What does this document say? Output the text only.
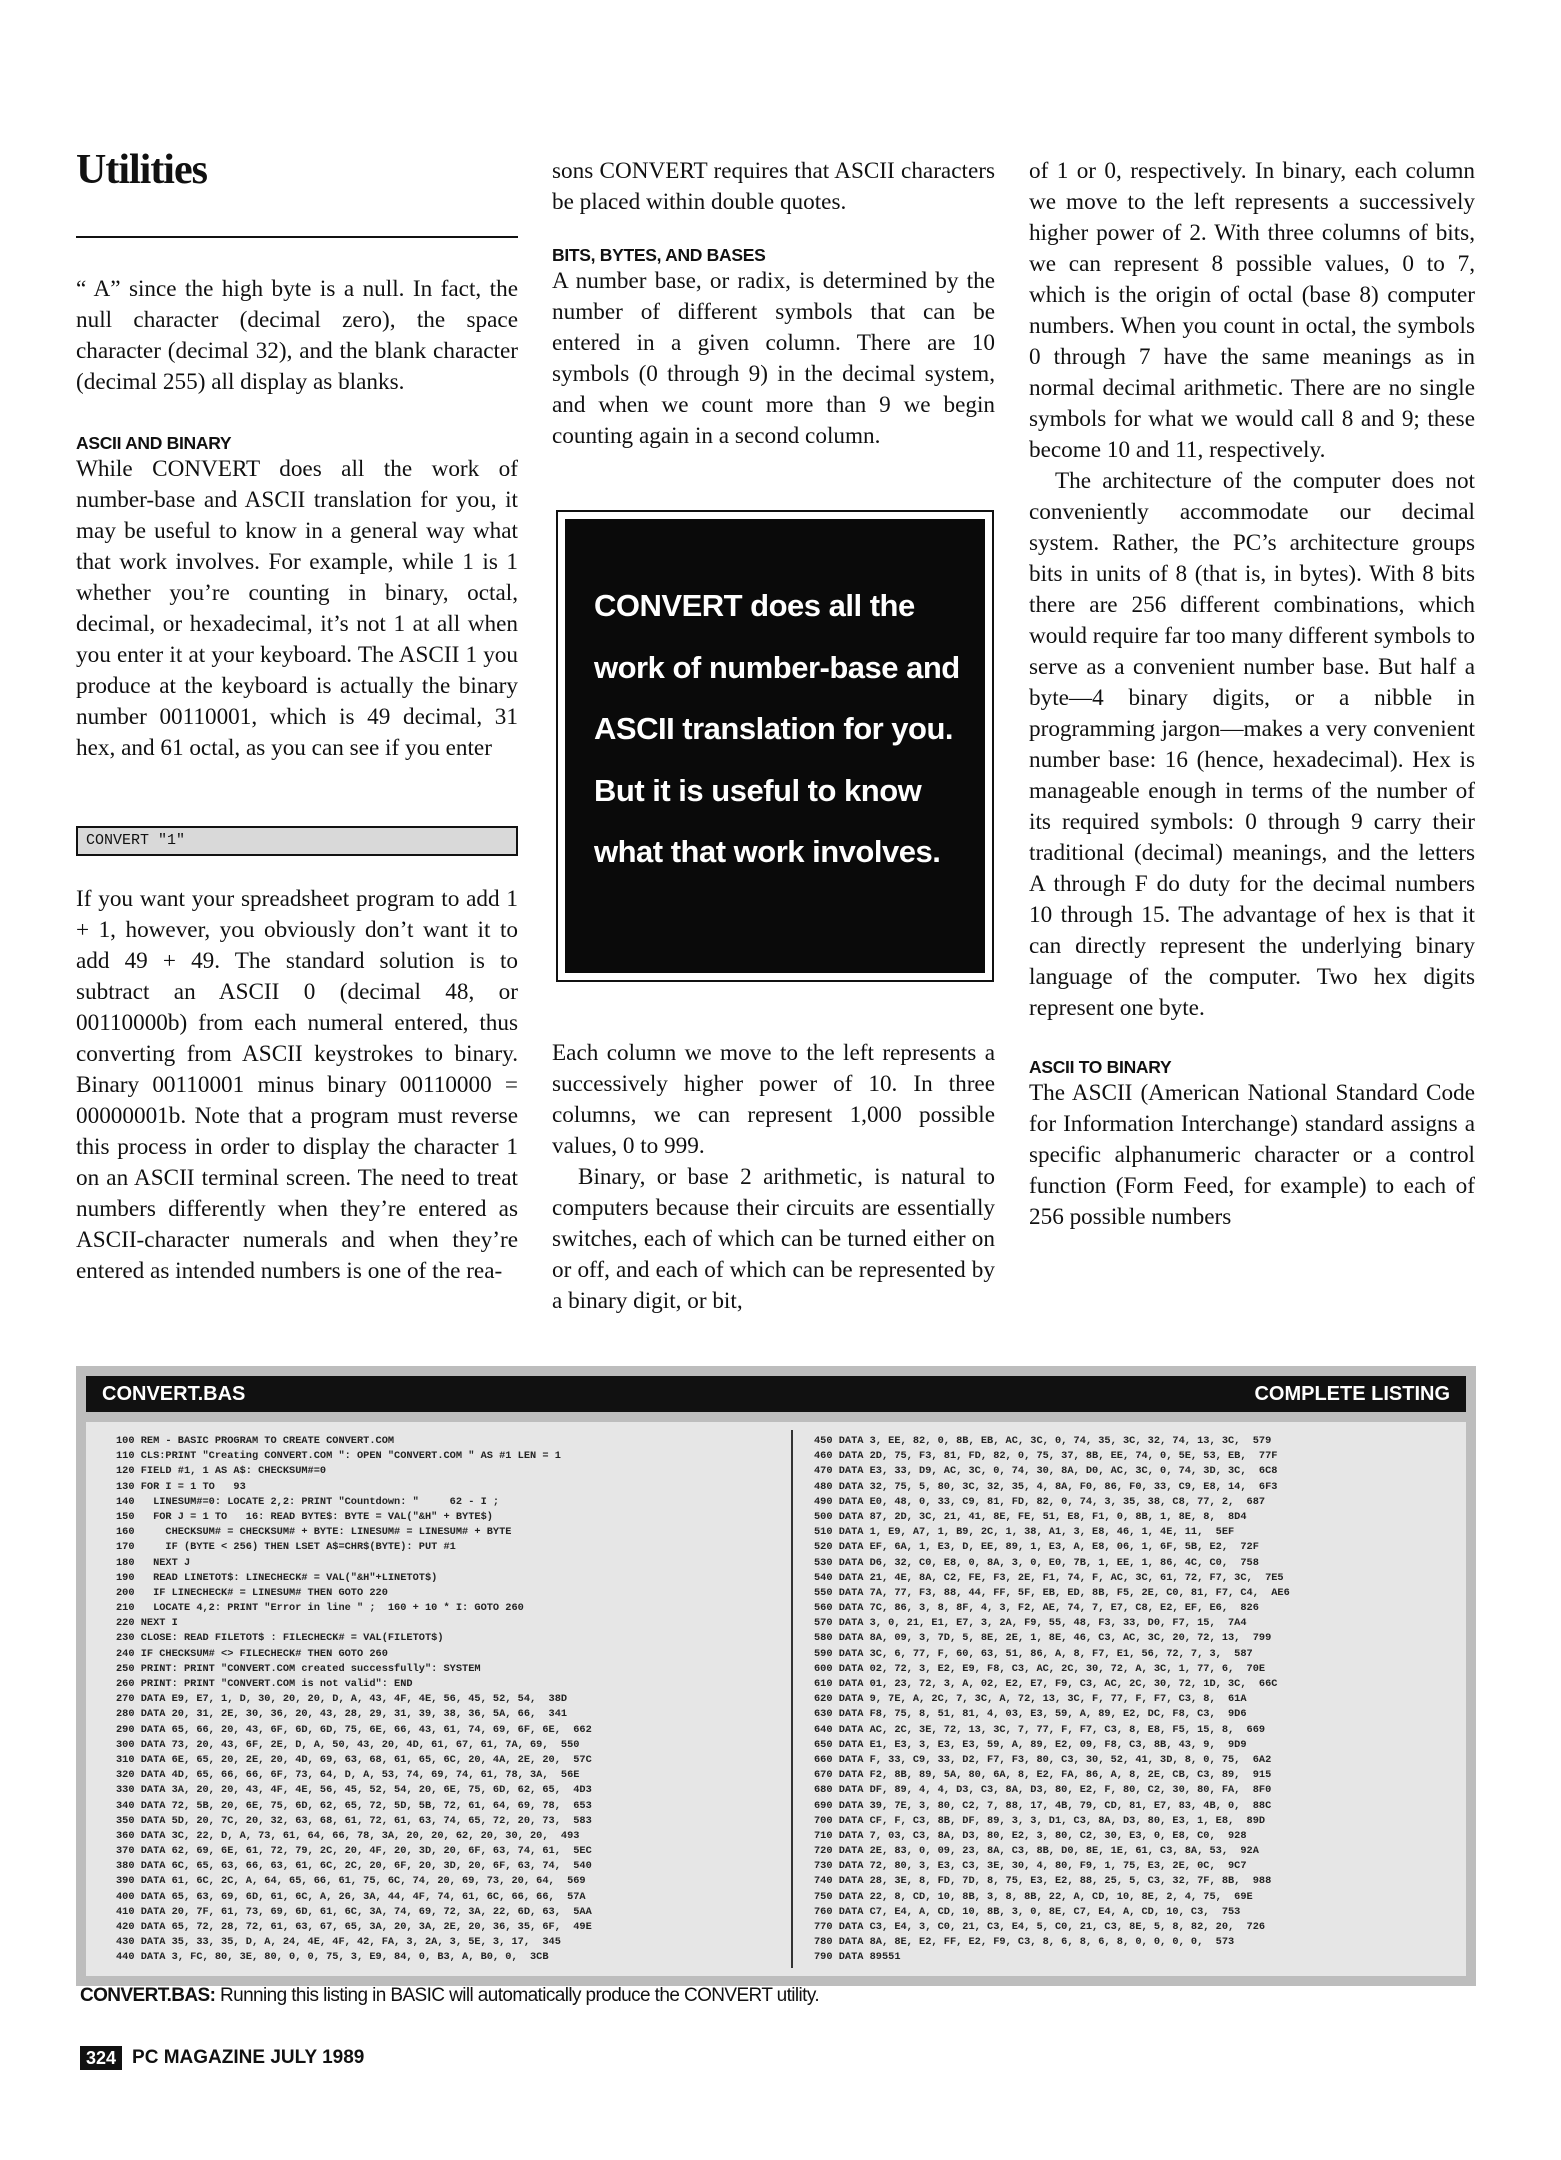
Utilities

“ A” since the high byte is a null. In fact, the null character (decimal zero), the space character (decimal 32), and the blank character (decimal 255) all display as blanks.

ASCII AND BINARY

While CONVERT does all the work of number-base and ASCII translation for you, it may be useful to know in a general way what that work involves. For example, while 1 is 1 whether you’re counting in binary, octal, decimal, or hexadecimal, it’s not 1 at all when you enter it at your keyboard. The ASCII 1 you produce at the keyboard is actually the binary number 00110001, which is 49 decimal, 31 hex, and 61 octal, as you can see if you enter

CONVERT "1"

If you want your spreadsheet program to add 1 + 1, however, you obviously don’t want it to add 49 + 49. The standard solution is to subtract an ASCII 0 (decimal 48, or 00110000b) from each numeral entered, thus converting from ASCII keystrokes to binary. Binary 00110001 minus binary 00110000 = 00000001b. Note that a program must reverse this process in order to display the character 1 on an ASCII terminal screen. The need to treat numbers differently when they’re entered as ASCII-character numerals and when they’re entered as intended numbers is one of the rea-

sons CONVERT requires that ASCII characters be placed within double quotes.

BITS, BYTES, AND BASES

A number base, or radix, is determined by the number of different symbols that can be entered in a given column. There are 10 symbols (0 through 9) in the decimal system, and when we count more than 9 we begin counting again in a second column.

CONVERT does all the work of number-base and ASCII translation for you. But it is useful to know what that work involves.

Each column we move to the left represents a successively higher power of 10. In three columns, we can represent 1,000 possible values, 0 to 999.

Binary, or base 2 arithmetic, is natural to computers because their circuits are essentially switches, each of which can be turned either on or off, and each of which can be represented by a binary digit, or bit,

of 1 or 0, respectively. In binary, each column we move to the left represents a successively higher power of 2. With three columns of bits, we can represent 8 possible values, 0 to 7, which is the origin of octal (base 8) computer numbers. When you count in octal, the symbols 0 through 7 have the same meanings as in normal decimal arithmetic. There are no single symbols for what we would call 8 and 9; these become 10 and 11, respectively.

The architecture of the computer does not conveniently accommodate our decimal system. Rather, the PC’s architecture groups bits in units of 8 (that is, in bytes). With 8 bits there are 256 different combinations, which would require far too many different symbols to serve as a convenient number base. But half a byte—4 binary digits, or a nibble in programming jargon—makes a very convenient number base: 16 (hence, hexadecimal). Hex is manageable enough in terms of the number of its required symbols: 0 through 9 carry their traditional (decimal) meanings, and the letters A through F do duty for the decimal numbers 10 through 15. The advantage of hex is that it can directly represent the underlying binary language of the computer. Two hex digits represent one byte.

ASCII TO BINARY

The ASCII (American National Standard Code for Information Interchange) standard assigns a specific alphanumeric character or a control function (Form Feed, for example) to each of 256 possible numbers

CONVERT.BAS	COMPLETE LISTING
100 REM - BASIC PROGRAM TO CREATE CONVERT.COM
110 CLS:PRINT "Creating CONVERT.COM ": OPEN "CONVERT.COM " AS #1 LEN = 1
120 FIELD #1, 1 AS A$: CHECKSUM#=0
130 FOR I = 1 TO   93
140   LINESUM#=0: LOCATE 2,2: PRINT "Countdown: "     62 - I ;
150   FOR J = 1 TO   16: READ BYTE$: BYTE = VAL("&H" + BYTE$)
160     CHECKSUM# = CHECKSUM# + BYTE: LINESUM# = LINESUM# + BYTE
170     IF (BYTE < 256) THEN LSET A$=CHR$(BYTE): PUT #1
180   NEXT J
190   READ LINETOT$: LINECHECK# = VAL("&H"+LINETOT$)
200   IF LINECHECK# = LINESUM# THEN GOTO 220
210   LOCATE 4,2: PRINT "Error in line " ;  160 + 10 * I: GOTO 260
220 NEXT I
230 CLOSE: READ FILETOT$ : FILECHECK# = VAL(FILETOT$)
240 IF CHECKSUM# <> FILECHECK# THEN GOTO 260
250 PRINT: PRINT "CONVERT.COM created successfully": SYSTEM
260 PRINT: PRINT "CONVERT.COM is not valid": END
270 DATA E9, E7, 1, D, 30, 20, 20, D, A, 43, 4F, 4E, 56, 45, 52, 54,  38D
280 DATA 20, 31, 2E, 30, 36, 20, 43, 28, 29, 31, 39, 38, 36, 5A, 66,  341
290 DATA 65, 66, 20, 43, 6F, 6D, 6D, 75, 6E, 66, 43, 61, 74, 69, 6F, 6E,  662
300 DATA 73, 20, 43, 6F, 2E, D, A, 50, 43, 20, 4D, 61, 67, 61, 7A, 69,  550
310 DATA 6E, 65, 20, 2E, 20, 4D, 69, 63, 68, 61, 65, 6C, 20, 4A, 2E, 20,  57C
320 DATA 4D, 65, 66, 66, 6F, 73, 64, D, A, 53, 74, 69, 74, 61, 78, 3A,  56E
330 DATA 3A, 20, 20, 43, 4F, 4E, 56, 45, 52, 54, 20, 6E, 75, 6D, 62, 65,  4D3
340 DATA 72, 5B, 20, 6E, 75, 6D, 62, 65, 72, 5D, 5B, 72, 61, 64, 69, 78,  653
350 DATA 5D, 20, 7C, 20, 32, 63, 68, 61, 72, 61, 63, 74, 65, 72, 20, 73,  583
360 DATA 3C, 22, D, A, 73, 61, 64, 66, 78, 3A, 20, 20, 62, 20, 30, 20,  493
370 DATA 62, 69, 6E, 61, 72, 79, 2C, 20, 4F, 20, 3D, 20, 6F, 63, 74, 61,  5EC
380 DATA 6C, 65, 63, 66, 63, 61, 6C, 2C, 20, 6F, 20, 3D, 20, 6F, 63, 74,  540
390 DATA 61, 6C, 2C, A, 64, 65, 66, 61, 75, 6C, 74, 20, 69, 73, 20, 64,  569
400 DATA 65, 63, 69, 6D, 61, 6C, A, 26, 3A, 44, 4F, 74, 61, 6C, 66, 66,  57A
410 DATA 20, 7F, 61, 73, 69, 6D, 61, 6C, 3A, 74, 69, 72, 3A, 22, 6D, 63,  5AA
420 DATA 65, 72, 28, 72, 61, 63, 67, 65, 3A, 20, 3A, 2E, 20, 36, 35, 6F,  49E
430 DATA 35, 33, 35, D, A, 24, 4E, 4F, 42, FA, 3, 2A, 3, 5E, 3, 17,  345
440 DATA 3, FC, 80, 3E, 80, 0, 0, 75, 3, E9, 84, 0, B3, A, B0, 0,  3CB
450 DATA 3, EE, 82, 0, 8B, EB, AC, 3C, 0, 74, 35, 3C, 32, 74, 13, 3C,  579
460 DATA 2D, 75, F3, 81, FD, 82, 0, 75, 37, 8B, EE, 74, 0, 5E, 53, EB,  77F
470 DATA E3, 33, D9, AC, 3C, 0, 74, 30, 8A, D0, AC, 3C, 0, 74, 3D, 3C,  6C8
480 DATA 32, 75, 5, 80, 3C, 32, 35, 4, 8A, F0, 86, F0, 33, C9, E8, 14,  6F3
490 DATA E0, 48, 0, 33, C9, 81, FD, 82, 0, 74, 3, 35, 38, C8, 77, 2,  687
500 DATA 87, 2D, 3C, 21, 41, 8E, FE, 51, E8, F1, 0, 8B, 1, 8E, 8,  8D4
510 DATA 1, E9, A7, 1, B9, 2C, 1, 38, A1, 3, E8, 46, 1, 4E, 11,  5EF
520 DATA EF, 6A, 1, E3, D, EE, 89, 1, E3, A, E8, 06, 1, 6F, 5B, E2,  72F
530 DATA D6, 32, C0, E8, 0, 8A, 3, 0, E0, 7B, 1, EE, 1, 86, 4C, C0,  758
540 DATA 21, 4E, 8A, C2, FE, F3, 2E, F1, 74, F, AC, 3C, 61, 72, F7, 3C,  7E5
550 DATA 7A, 77, F3, 88, 44, FF, 5F, EB, ED, 8B, F5, 2E, C0, 81, F7, C4,  AE6
560 DATA 7C, 86, 3, 8, 8F, 4, 3, F2, AE, 74, 7, E7, C8, E2, EF, E6,  826
570 DATA 3, 0, 21, E1, E7, 3, 2A, F9, 55, 48, F3, 33, D0, F7, 15,  7A4
580 DATA 8A, 09, 3, 7D, 5, 8E, 2E, 1, 8E, 46, C3, AC, 3C, 20, 72, 13,  799
590 DATA 3C, 6, 77, F, 60, 63, 51, 86, A, 8, F7, E1, 56, 72, 7, 3,  587
600 DATA 02, 72, 3, E2, E9, F8, C3, AC, 2C, 30, 72, A, 3C, 1, 77, 6,  70E
610 DATA 01, 23, 72, 3, A, 02, E2, E7, F9, C3, AC, 2C, 30, 72, 1D, 3C,  66C
620 DATA 9, 7E, A, 2C, 7, 3C, A, 72, 13, 3C, F, 77, F, F7, C3, 8,  61A
630 DATA F8, 75, 8, 51, 81, 4, 03, E3, 59, A, 89, E2, DC, F8, C3,  9D6
640 DATA AC, 2C, 3E, 72, 13, 3C, 7, 77, F, F7, C3, 8, E8, F5, 15, 8,  669
650 DATA E1, E3, 3, E3, E3, 59, A, 89, E2, 09, F8, C3, 8B, 43, 9,  9D9
660 DATA F, 33, C9, 33, D2, F7, F3, 80, C3, 30, 52, 41, 3D, 8, 0, 75,  6A2
670 DATA F2, 8B, 89, 5A, 80, 6A, 8, E2, FA, 86, A, 8, 2E, CB, C3, 89,  915
680 DATA DF, 89, 4, 4, D3, C3, 8A, D3, 80, E2, F, 80, C2, 30, 80, FA,  8F0
690 DATA 39, 7E, 3, 80, C2, 7, 88, 17, 4B, 79, CD, 81, E7, 83, 4B, 0,  88C
700 DATA CF, F, C3, 8B, DF, 89, 3, 3, D1, C3, 8A, D3, 80, E3, 1, E8,  89D
710 DATA 7, 03, C3, 8A, D3, 80, E2, 3, 80, C2, 30, E3, 0, E8, C0,  928
720 DATA 2E, 83, 0, 09, 23, 8A, C3, 8B, D0, 8E, 1E, 61, C3, 8A, 53,  92A
730 DATA 72, 80, 3, E3, C3, 3E, 30, 4, 80, F9, 1, 75, E3, 2E, 0C,  9C7
740 DATA 28, 3E, 8, FD, 7D, 8, 75, E3, E2, 88, 25, 5, C3, 32, 7F, 8B,  988
750 DATA 22, 8, CD, 10, 8B, 3, 8, 8B, 22, A, CD, 10, 8E, 2, 4, 75,  69E
760 DATA C7, E4, A, CD, 10, 8B, 3, 0, 8E, C7, E4, A, CD, 10, C3,  753
770 DATA C3, E4, 3, C0, 21, C3, E4, 5, C0, 21, C3, 8E, 5, 8, 82, 20,  726
780 DATA 8A, 8E, E2, FF, E2, F9, C3, 8, 6, 8, 6, 8, 0, 0, 0, 0,  573
790 DATA 89551
CONVERT.BAS: Running this listing in BASIC will automatically produce the CONVERT utility.
324 PC MAGAZINE JULY 1989
